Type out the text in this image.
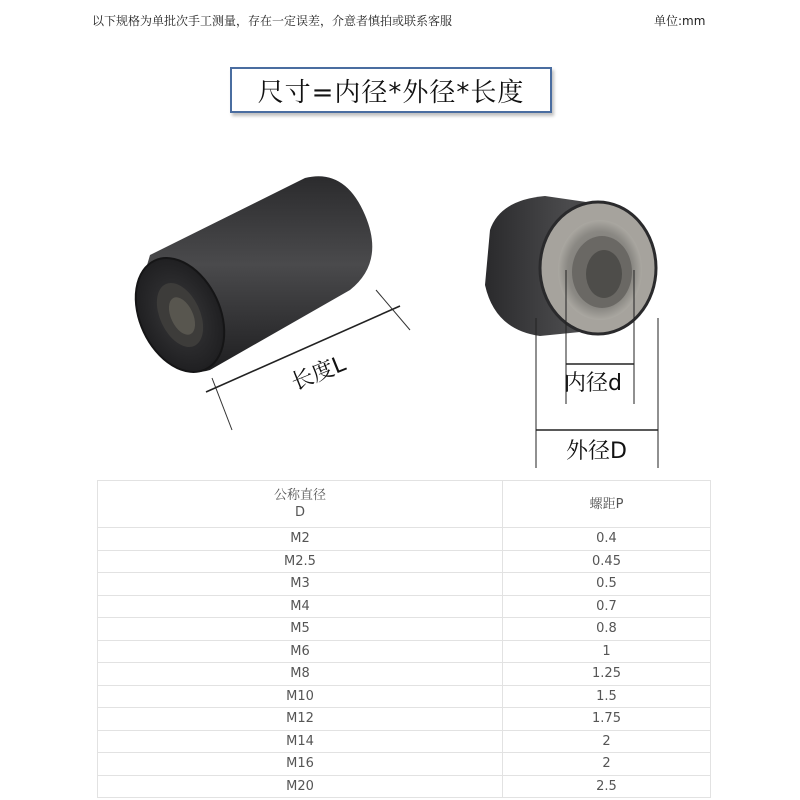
以下规格为单批次手工测量，存在一定误差，介意者慎拍或联系客服	单位:mm
尺寸=内径*外径*长度
长度L	内径d
外径D
公称直径
D	螺距P
M2	0.4
M2.5	0.45
M3	0.5
M4	0.7
M5	0.8
M6	1
M8	1.25
M10	1.5
M12	1.75
M14	2
M16	2
M20	2.5
